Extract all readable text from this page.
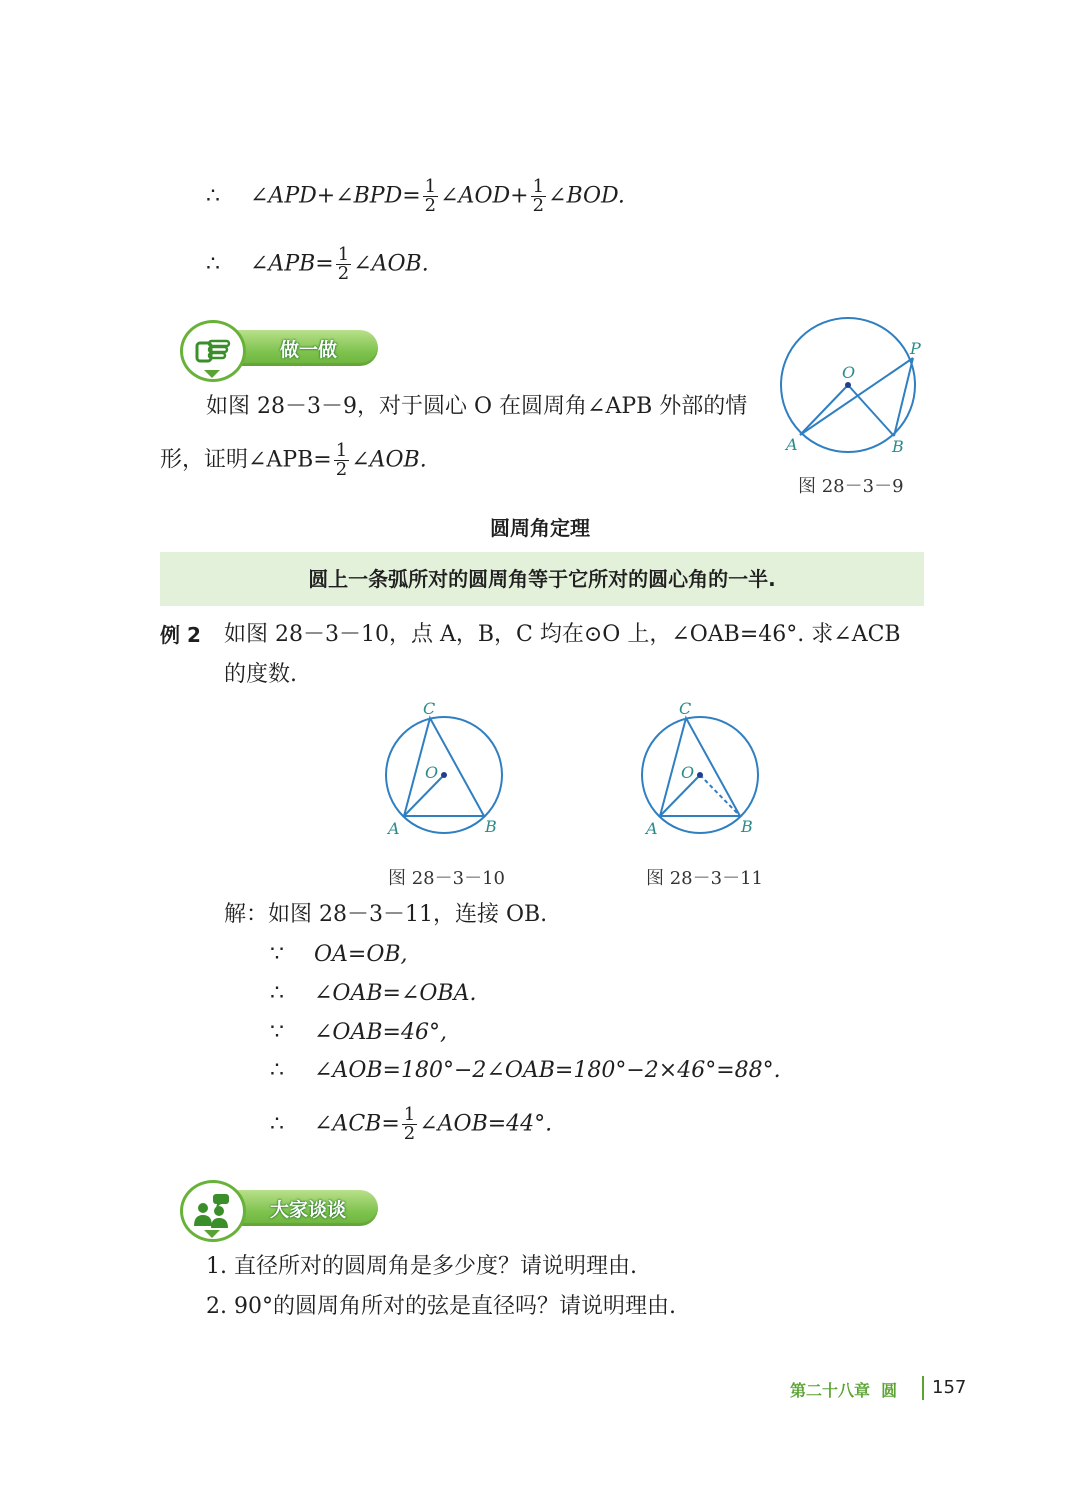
∴ ∠APD+∠BPD= $\frac{1}{2}$ ∠AOD+ $\frac{1}{2}$ ∠BOD.
∴ ∠APB= $\frac{1}{2}$ ∠AOB.
做一做
如图 28－3－9，对于圆心 O 在圆周角∠APB 外部的情
形，证明∠APB= $\frac{1}{2}$ ∠AOB.
O
P
A	B
图 28－3－9
圆周角定理
圆上一条弧所对的圆周角等于它所对的圆心角的一半.
例 2 如图 28－3－10，点 A，B，C 均在⊙O 上，∠OAB=46°. 求∠ACB
的度数.
C
O
A	B
图 28－3－10
C
O
A	B
图 28－3－11
解：如图 28－3－11，连接 OB.
∵ OA=OB,
∴ ∠OAB=∠OBA.
∵ ∠OAB=46°,
∴ ∠AOB=180°−2∠OAB=180°−2×46°=88°.
∴ ∠ACB= $\frac{1}{2}$ ∠AOB=44°.
大家谈谈
1. 直径所对的圆周角是多少度？请说明理由.
2. 90°的圆周角所对的弦是直径吗？请说明理由.
第二十八章  圆 157
